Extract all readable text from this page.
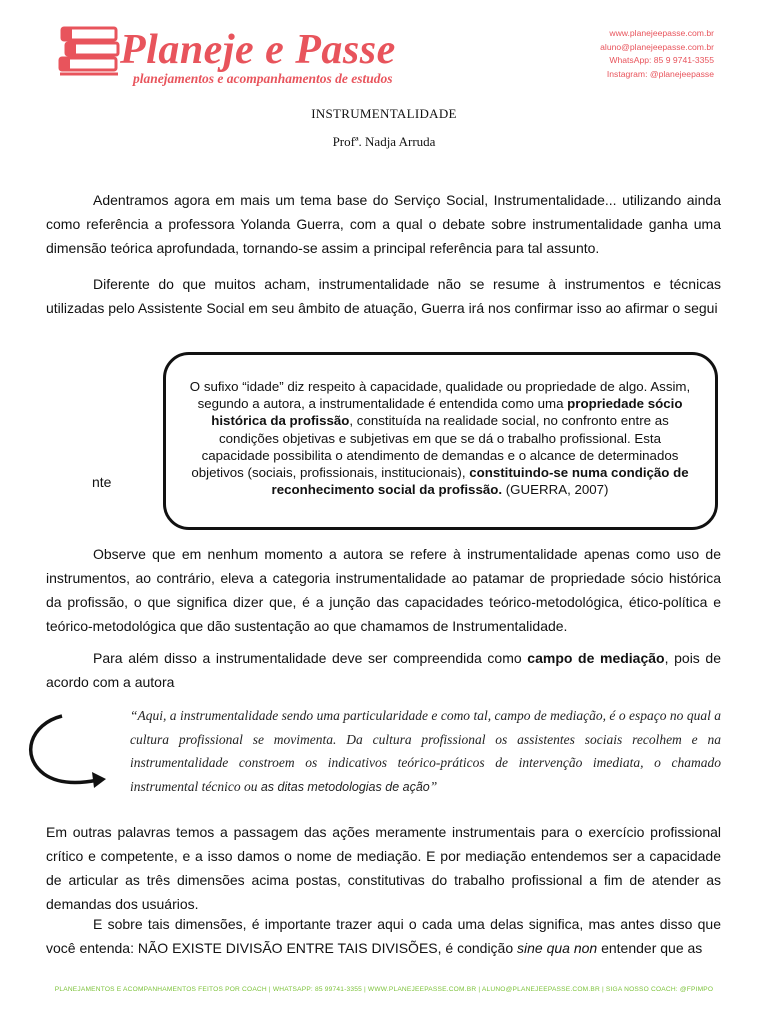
Planeje e Passe
planejamentos e acompanhamentos de estudos
www.planejeepasse.com.br
aluno@planejeepasse.com.br
WhatsApp: 85 9 9741-3355
Instagram: @planejeepasse
INSTRUMENTALIDADE
Profª. Nadja Arruda

Adentramos agora em mais um tema base do Serviço Social, Instrumentalidade... utilizando ainda como referência a professora Yolanda Guerra, com a qual o debate sobre instrumentalidade ganha uma dimensão teórica aprofundada, tornando-se assim a principal referência para tal assunto.

Diferente do que muitos acham, instrumentalidade não se resume à instrumentos e técnicas utilizadas pelo Assistente Social em seu âmbito de atuação, Guerra irá nos confirmar isso ao afirmar o segui

nte
O sufixo “idade” diz respeito à capacidade, qualidade ou propriedade de algo. Assim, segundo a autora, a instrumentalidade é entendida como uma propriedade sócio histórica da profissão, constituída na realidade social, no confronto entre as condições objetivas e subjetivas em que se dá o trabalho profissional. Esta capacidade possibilita o atendimento de demandas e o alcance de determinados objetivos (sociais, profissionais, institucionais), constituindo-se numa condição de reconhecimento social da profissão. (GUERRA, 2007)

Observe que em nenhum momento a autora se refere à instrumentalidade apenas como uso de instrumentos, ao contrário, eleva a categoria instrumentalidade ao patamar de propriedade sócio histórica da profissão, o que significa dizer que, é a junção das capacidades teórico-metodológica, ético-política e teórico-metodológica que dão sustentação ao que chamamos de Instrumentalidade.

Para além disso a instrumentalidade deve ser compreendida como campo de mediação, pois de acordo com a autora

“Aqui, a instrumentalidade sendo uma particularidade e como tal, campo de mediação, é o espaço no qual a cultura profissional se movimenta. Da cultura profissional os assistentes sociais recolhem e na instrumentalidade constroem os indicativos teórico-práticos de intervenção imediata, o chamado instrumental técnico ou as ditas metodologias de ação”

Em outras palavras temos a passagem das ações meramente instrumentais para o exercício profissional crítico e competente, e a isso damos o nome de mediação. E por mediação entendemos ser a capacidade de articular as três dimensões acima postas, constitutivas do trabalho profissional a fim de atender as demandas dos usuários.

E sobre tais dimensões, é importante trazer aqui o cada uma delas significa, mas antes disso que você entenda: NÃO EXISTE DIVISÃO ENTRE TAIS DIVISÕES, é condição sine qua non entender que as

PLANEJAMENTOS E ACOMPANHAMENTOS FEITOS POR COACH | WHATSAPP: 85 99741-3355 | WWW.PLANEJEEPASSE.COM.BR | ALUNO@PLANEJEEPASSE.COM.BR | SIGA NOSSO COACH: @FPIMPO
